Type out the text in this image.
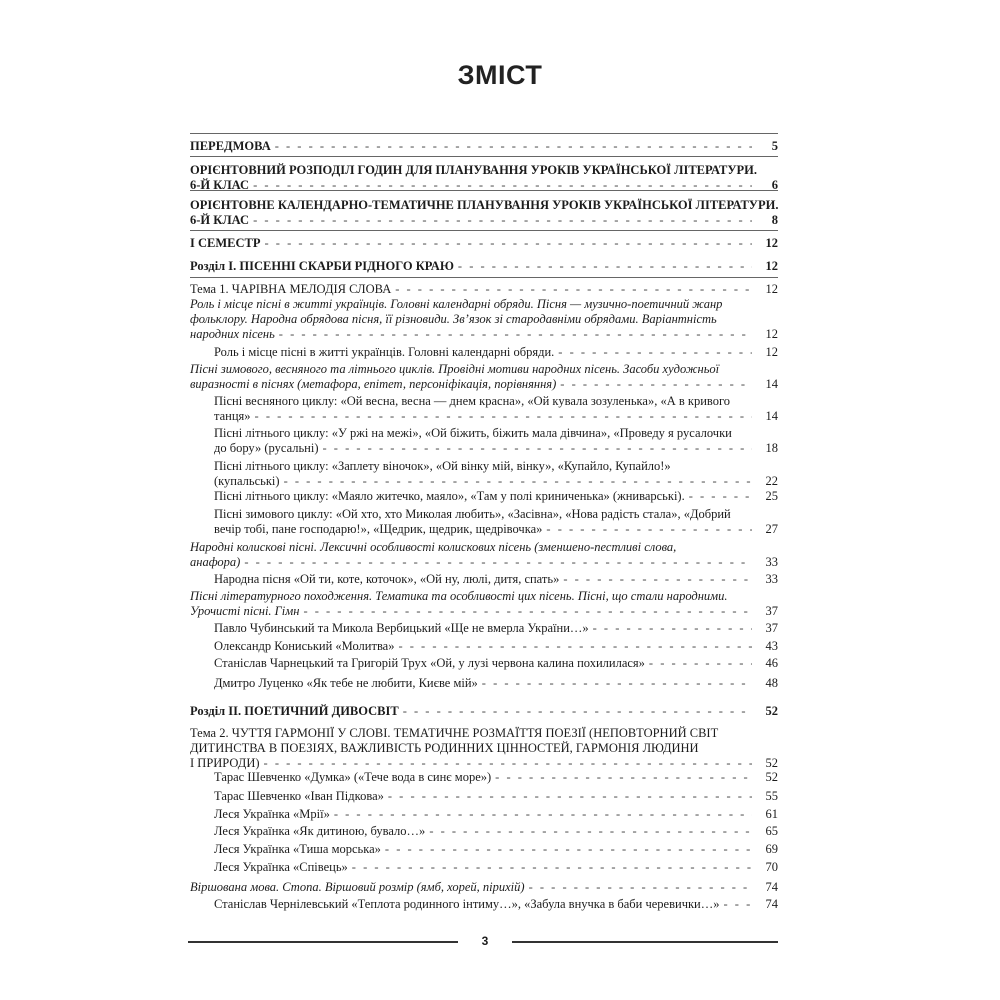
ЗМІСТ
ПЕРЕДМОВА - - -	5
ОРІЄНТОВНИЙ РОЗПОДІЛ ГОДИН ДЛЯ ПЛАНУВАННЯ УРОКІВ УКРАЇНСЬКОЇ ЛІТЕРАТУРИ.
6-Й КЛАС - - -	6
ОРІЄНТОВНЕ КАЛЕНДАРНО-ТЕМАТИЧНЕ ПЛАНУВАННЯ УРОКІВ УКРАЇНСЬКОЇ ЛІТЕРАТУРИ.
6-Й КЛАС - - -	8
І СЕМЕСТР - - -	12
Розділ І. ПІСЕННІ СКАРБИ РІДНОГО КРАЮ - - -	12
Тема 1. ЧАРІВНА МЕЛОДІЯ СЛОВА - - -	12
Роль і місце пісні в житті українців. Головні календарні обряди. Пісня — музично-поетичний жанр
фольклору. Народна обрядова пісня, її різновиди. Зв’язок зі стародавніми обрядами. Варіантність
народних пісень - - -	12
Роль і місце пісні в житті українців. Головні календарні обряди. - - -	12
Пісні зимового, весняного та літнього циклів. Провідні мотиви народних пісень. Засоби художньої
виразності в піснях (метафора, епітет, персоніфікація, порівняння) - - -	14
Пісні весняного циклу: «Ой весна, весна — днем красна», «Ой кувала зозуленька», «А в кривого
танця» - - -	14
Пісні літнього циклу: «У ржі на межі», «Ой біжить, біжить мала дівчина», «Проведу я русалочки
до бору» (русальні) - - -	18
Пісні літнього циклу: «Заплету віночок», «Ой вінку мій, вінку», «Купайло, Купайло!»
(купальські) - - -	22
Пісні літнього циклу: «Маяло житечко, маяло», «Там у полі криниченька» (жниварські). - - -	25
Пісні зимового циклу: «Ой хто, хто Миколая любить», «Засівна», «Нова радість стала», «Добрий
вечір тобі, пане господарю!», «Щедрик, щедрик, щедрівочка» - - -	27
Народні колискові пісні. Лексичні особливості колискових пісень (зменшено-пестливі слова,
анафора) - - -	33
Народна пісня «Ой ти, коте, коточок», «Ой ну, люлі, дитя, спать» - - -	33
Пісні літературного походження. Тематика та особливості цих пісень. Пісні, що стали народними.
Урочисті пісні. Гімн - - -	37
Павло Чубинський та Микола Вербицький «Ще не вмерла України…» - - -	37
Олександр Кониський «Молитва» - - -	43
Станіслав Чарнецький та Григорій Трух «Ой, у лузі червона калина похилилася» - - -	46
Дмитро Луценко «Як тебе не любити, Києве мій» - - -	48
Розділ ІІ. ПОЕТИЧНИЙ ДИВОСВІТ - - -	52
Тема 2. ЧУТТЯ ГАРМОНІЇ У СЛОВІ. ТЕМАТИЧНЕ РОЗМАЇТТЯ ПОЕЗІЇ (НЕПОВТОРНИЙ СВІТ
ДИТИНСТВА В ПОЕЗІЯХ, ВАЖЛИВІСТЬ РОДИННИХ ЦІННОСТЕЙ, ГАРМОНІЯ ЛЮДИНИ
І ПРИРОДИ) - - -	52
Тарас Шевченко «Думка» («Тече вода в синє море») - - -	52
Тарас Шевченко «Іван Підкова» - - -	55
Леся Українка «Мрії» - - -	61
Леся Українка «Як дитиною, бувало…» - - -	65
Леся Українка «Тиша морська» - - -	69
Леся Українка «Співець» - - -	70
Віршована мова. Стопа. Віршовий розмір (ямб, хорей, пірихій) - - -	74
Станіслав Чернілевський «Теплота родинного інтиму…», «Забула внучка в баби черевички…» - - -	74
3
